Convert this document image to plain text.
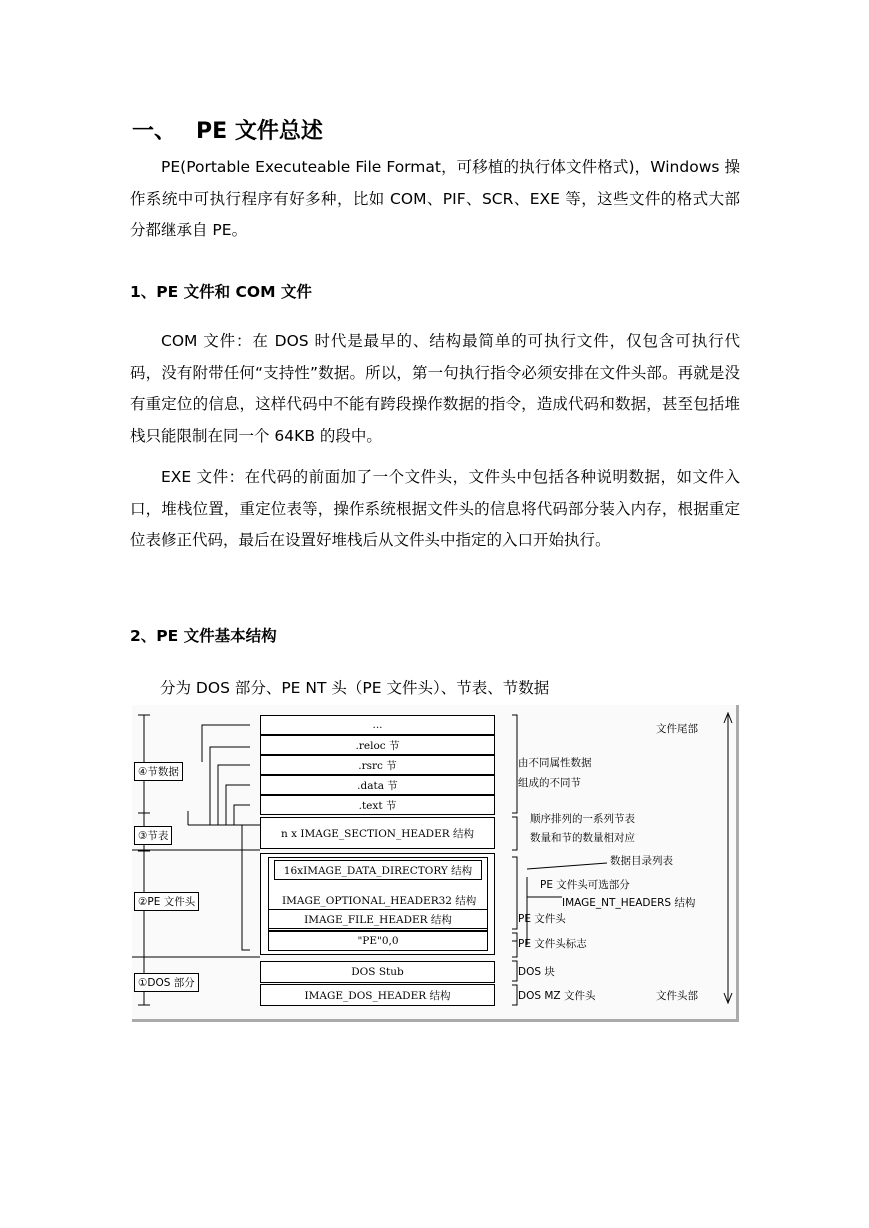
一、 PE 文件总述
PE(Portable Executeable File Format，可移植的执行体文件格式)，Windows 操作系统中可执行程序有好多种，比如 COM、PIF、SCR、EXE 等，这些文件的格式大部分都继承自 PE。
1、PE 文件和 COM 文件
COM 文件：在 DOS 时代是最早的、结构最简单的可执行文件，仅包含可执行代码，没有附带任何“支持性”数据。所以，第一句执行指令必须安排在文件头部。再就是没有重定位的信息，这样代码中不能有跨段操作数据的指令，造成代码和数据，甚至包括堆栈只能限制在同一个 64KB 的段中。
EXE 文件：在代码的前面加了一个文件头，文件头中包括各种说明数据，如文件入口，堆栈位置，重定位表等，操作系统根据文件头的信息将代码部分装入内存，根据重定位表修正代码，最后在设置好堆栈后从文件头中指定的入口开始执行。
2、PE 文件基本结构
分为 DOS 部分、PE NT 头（PE 文件头）、节表、节数据
...
.reloc 节
.rsrc 节
.data 节
.text 节
n x IMAGE_SECTION_HEADER 结构
16xIMAGE_DATA_DIRECTORY 结构
IMAGE_OPTIONAL_HEADER32 结构
IMAGE_FILE_HEADER 结构
"PE"0,0
DOS Stub
IMAGE_DOS_HEADER 结构
④节数据
③节表
②PE 文件头
①DOS 部分
文件尾部
由不同属性数据
组成的不同节
顺序排列的一系列节表
数量和节的数量相对应
数据目录列表
PE 文件头可选部分
IMAGE_NT_HEADERS 结构
PE 文件头
PE 文件头标志
DOS 块
DOS MZ 文件头	文件头部
